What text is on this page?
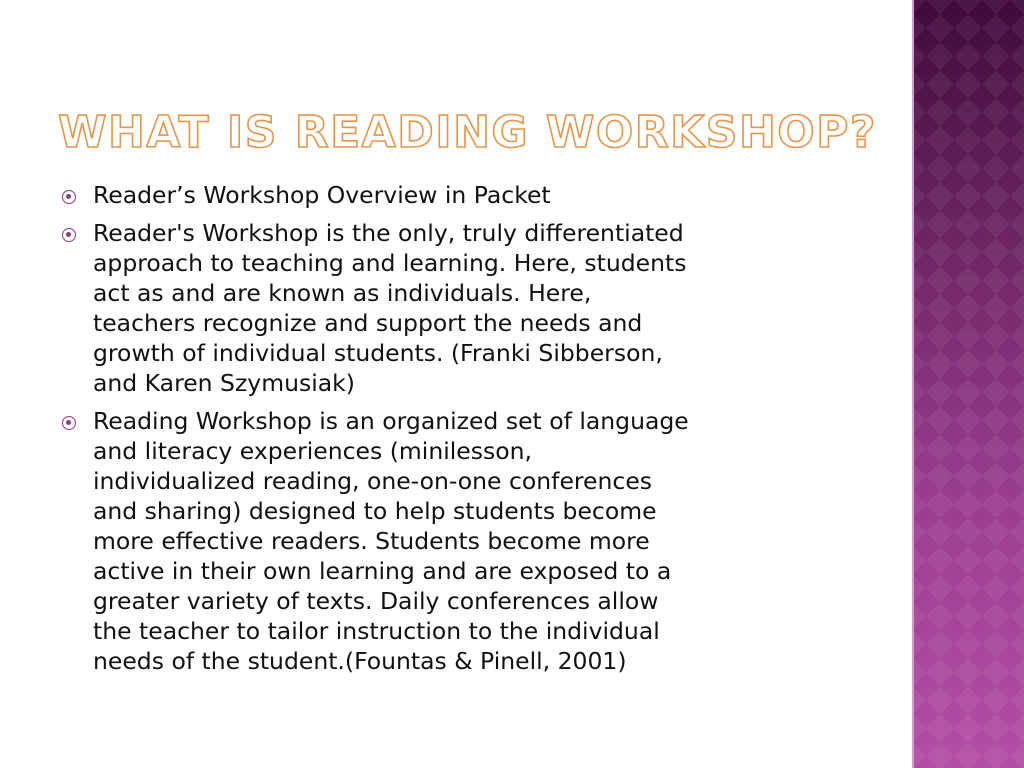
WHAT IS READING WORKSHOP?
Reader’s Workshop Overview in Packet
Reader's Workshop is the only, truly differentiated
approach to teaching and learning. Here, students
act as and are known as individuals. Here,
teachers recognize and support the needs and
growth of individual students. (Franki Sibberson,
and Karen Szymusiak)
Reading Workshop is an organized set of language
and literacy experiences (minilesson,
individualized reading, one-on-one conferences
and sharing) designed to help students become
more effective readers. Students become more
active in their own learning and are exposed to a
greater variety of texts. Daily conferences allow
the teacher to tailor instruction to the individual
needs of the student.(Fountas & Pinell, 2001)
